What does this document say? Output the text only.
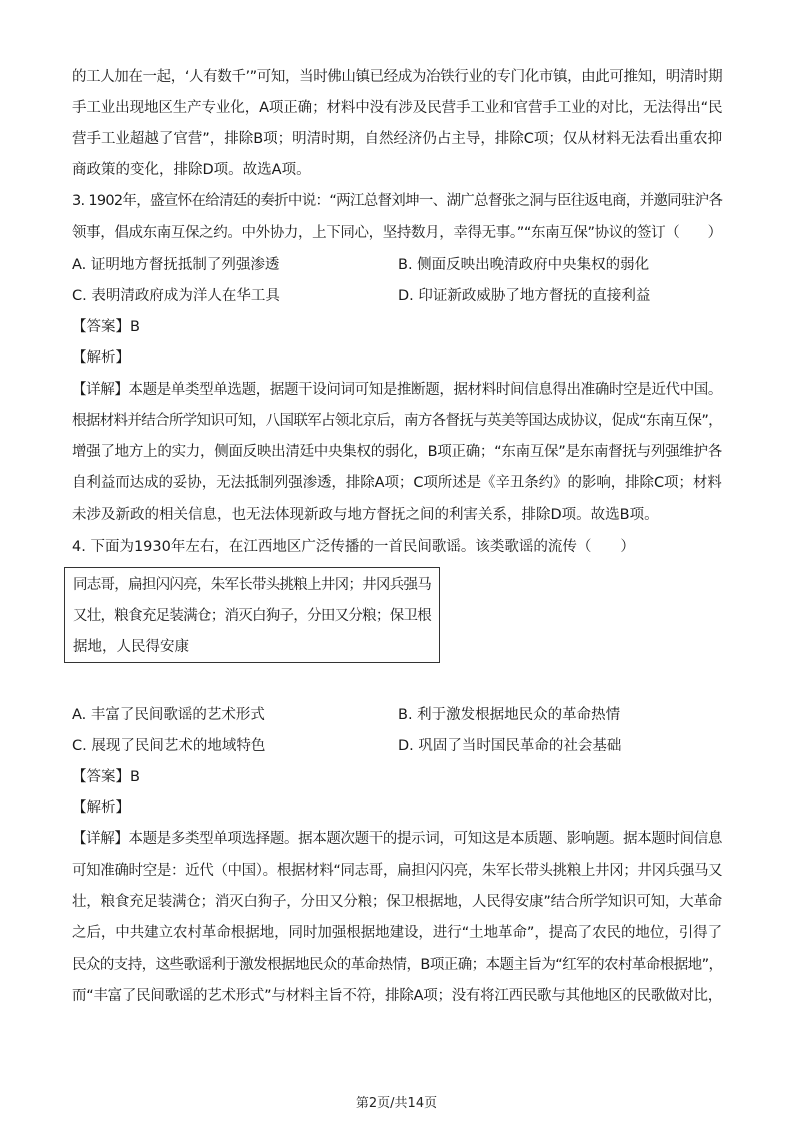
的工人加在一起，‘人有数千’”可知，当时佛山镇已经成为冶铁行业的专门化市镇，由此可推知，明清时期
手工业出现地区生产专业化，A项正确；材料中没有涉及民营手工业和官营手工业的对比，无法得出“民
营手工业超越了官营”，排除B项；明清时期，自然经济仍占主导，排除C项；仅从材料无法看出重农抑
商政策的变化，排除D项。故选A项。
3. 1902年，盛宣怀在给清廷的奏折中说：“两江总督刘坤一、湖广总督张之洞与臣往返电商，并邀同驻沪各
领事，倡成东南互保之约。中外协力，上下同心，坚持数月，幸得无事。”“东南互保”协议的签订（　　）
A. 证明地方督抚抵制了列强渗透	B. 侧面反映出晚清政府中央集权的弱化
C. 表明清政府成为洋人在华工具	D. 印证新政威胁了地方督抚的直接利益
【答案】B
【解析】
【详解】本题是单类型单选题，据题干设问词可知是推断题，据材料时间信息得出准确时空是近代中国。
根据材料并结合所学知识可知，八国联军占领北京后，南方各督抚与英美等国达成协议，促成“东南互保”，
增强了地方上的实力，侧面反映出清廷中央集权的弱化，B项正确；“东南互保”是东南督抚与列强维护各
自利益而达成的妥协，无法抵制列强渗透，排除A项；C项所述是《辛丑条约》的影响，排除C项；材料
未涉及新政的相关信息，也无法体现新政与地方督抚之间的利害关系，排除D项。故选B项。
4. 下面为1930年左右，在江西地区广泛传播的一首民间歌谣。该类歌谣的流传（　　）
同志哥，扁担闪闪亮，朱军长带头挑粮上井冈；井冈兵强马
又壮，粮食充足装满仓；消灭白狗子，分田又分粮；保卫根
据地，人民得安康
A. 丰富了民间歌谣的艺术形式	B. 利于激发根据地民众的革命热情
C. 展现了民间艺术的地域特色	D. 巩固了当时国民革命的社会基础
【答案】B
【解析】
【详解】本题是多类型单项选择题。据本题次题干的提示词，可知这是本质题、影响题。据本题时间信息
可知准确时空是：近代（中国）。根据材料“同志哥，扁担闪闪亮，朱军长带头挑粮上井冈；井冈兵强马又
壮，粮食充足装满仓；消灭白狗子，分田又分粮；保卫根据地，人民得安康”结合所学知识可知，大革命
之后，中共建立农村革命根据地，同时加强根据地建设，进行“土地革命”，提高了农民的地位，引得了
民众的支持，这些歌谣利于激发根据地民众的革命热情，B项正确；本题主旨为“红军的农村革命根据地”，
而“丰富了民间歌谣的艺术形式”与材料主旨不符，排除A项；没有将江西民歌与其他地区的民歌做对比，
第2页/共14页
